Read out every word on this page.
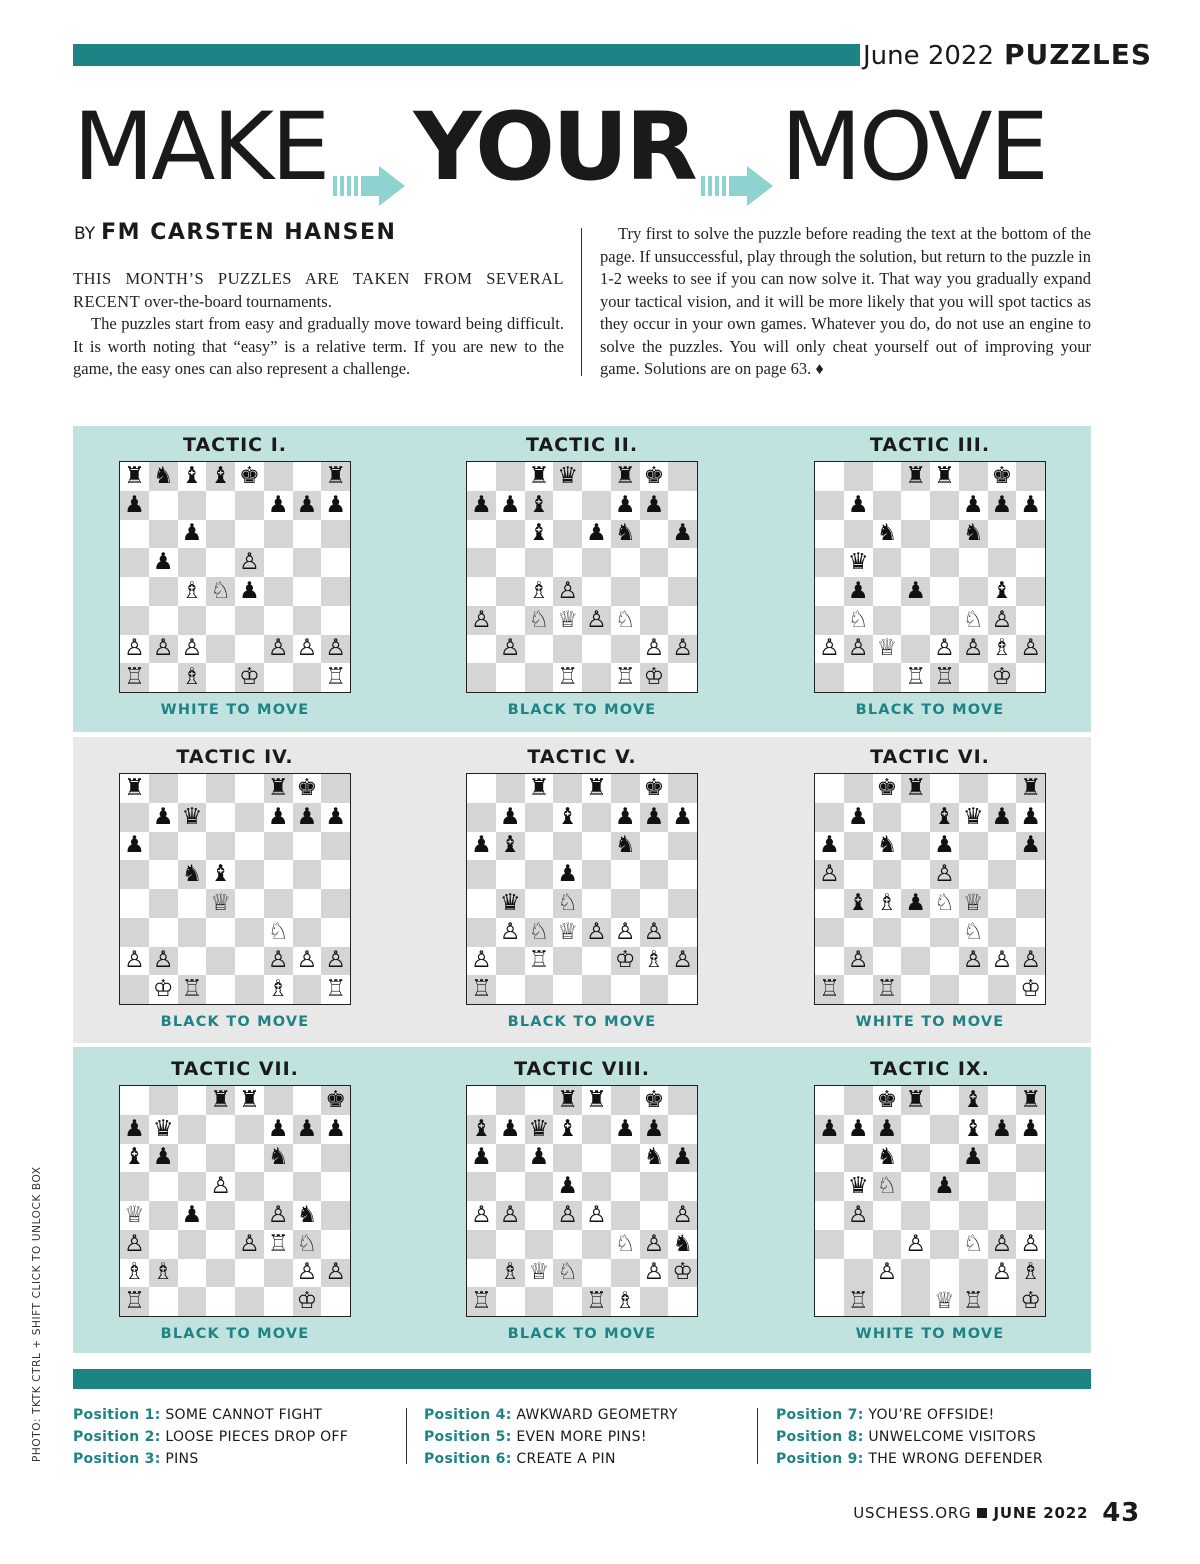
June 2022 PUZZLES
MAKE YOUR MOVE
BY FM CARSTEN HANSEN

THIS MONTH’S PUZZLES ARE TAKEN FROM SEVERAL RECENT over-the-board tournaments.

The puzzles start from easy and gradually move toward being difficult. It is worth noting that “easy” is a relative term. If you are new to the game, the easy ones can also represent a challenge.

Try first to solve the puzzle before reading the text at the bottom of the page. If unsuccessful, play through the solution, but return to the puzzle in 1-2 weeks to see if you can now solve it. That way you gradually expand your tactical vision, and it will be more likely that you will spot tactics as they occur in your own games. Whatever you do, do not use an engine to solve the puzzles. You will only cheat yourself out of improving your game. Solutions are on page 63. ♦

TACTIC I.
♜ ♞ ♝ ♝ ♚	♜
♟	♟ ♟ ♟
♟
♟	♙
♗ ♘ ♟
♙ ♙ ♙	♙ ♙ ♙
♖ ♗ ♔	♖
WHITE TO MOVE
TACTIC II.
♜ ♛ ♜ ♚
♟ ♟ ♝	♟ ♟
♝ ♟ ♞ ♟
♗ ♙
♙ ♘ ♕ ♙ ♘
♙	♙ ♙
♖ ♖ ♔
BLACK TO MOVE
TACTIC III.
♜ ♜ ♚
♟	♟ ♟ ♟
♞	♞
♛
♟ ♟	♝
♘	♘ ♙
♙ ♙ ♕ ♙ ♙ ♗ ♙
♖ ♖ ♔
BLACK TO MOVE
TACTIC IV.
♜	♜ ♚
♟ ♛	♟ ♟ ♟
♟
♞ ♝
♕
♘
♙ ♙	♙ ♙ ♙
♔ ♖	♗ ♖
BLACK TO MOVE
TACTIC V.
♜ ♜ ♚
♟ ♝ ♟ ♟ ♟
♟ ♝	♞
♟
♛ ♘
♙ ♘ ♕ ♙ ♙ ♙
♙ ♖	♔ ♗ ♙
♖
BLACK TO MOVE
TACTIC VI.
♚ ♜	♜
♟	♝ ♛ ♟ ♟
♟ ♞ ♟	♟
♙	♙
♝ ♗ ♟ ♘ ♕
♘
♙	♙ ♙ ♙
♖ ♖	♔
WHITE TO MOVE
TACTIC VII.
♜ ♜	♚
♟ ♛	♟ ♟ ♟
♝ ♟	♞
♙
♕ ♟	♙ ♞
♙	♙ ♖ ♘
♗ ♗	♙ ♙
♖	♔
BLACK TO MOVE
TACTIC VIII.
♜ ♜ ♚
♝ ♟ ♛ ♝ ♟ ♟
♟ ♟	♞ ♟
♟
♙ ♙ ♙ ♙	♙
♘ ♙ ♞
♗ ♕ ♘	♙ ♔
♖	♖ ♗
BLACK TO MOVE
TACTIC IX.
♚ ♜ ♝ ♜
♟ ♟ ♟	♝ ♟ ♟
♞	♟
♛ ♘ ♟
♙
♙ ♘ ♙ ♙
♙	♙ ♗
♖	♕ ♖ ♔
WHITE TO MOVE
Position 1: SOME CANNOT FIGHT
Position 2: LOOSE PIECES DROP OFF
Position 3: PINS
Position 4: AWKWARD GEOMETRY
Position 5: EVEN MORE PINS!
Position 6: CREATE A PIN
Position 7: YOU’RE OFFSIDE!
Position 8: UNWELCOME VISITORS
Position 9: THE WRONG DEFENDER
PHOTO: TKTK CTRL + SHIFT CLICK TO UNLOCK BOX
USCHESS.ORG JUNE 2022 43
